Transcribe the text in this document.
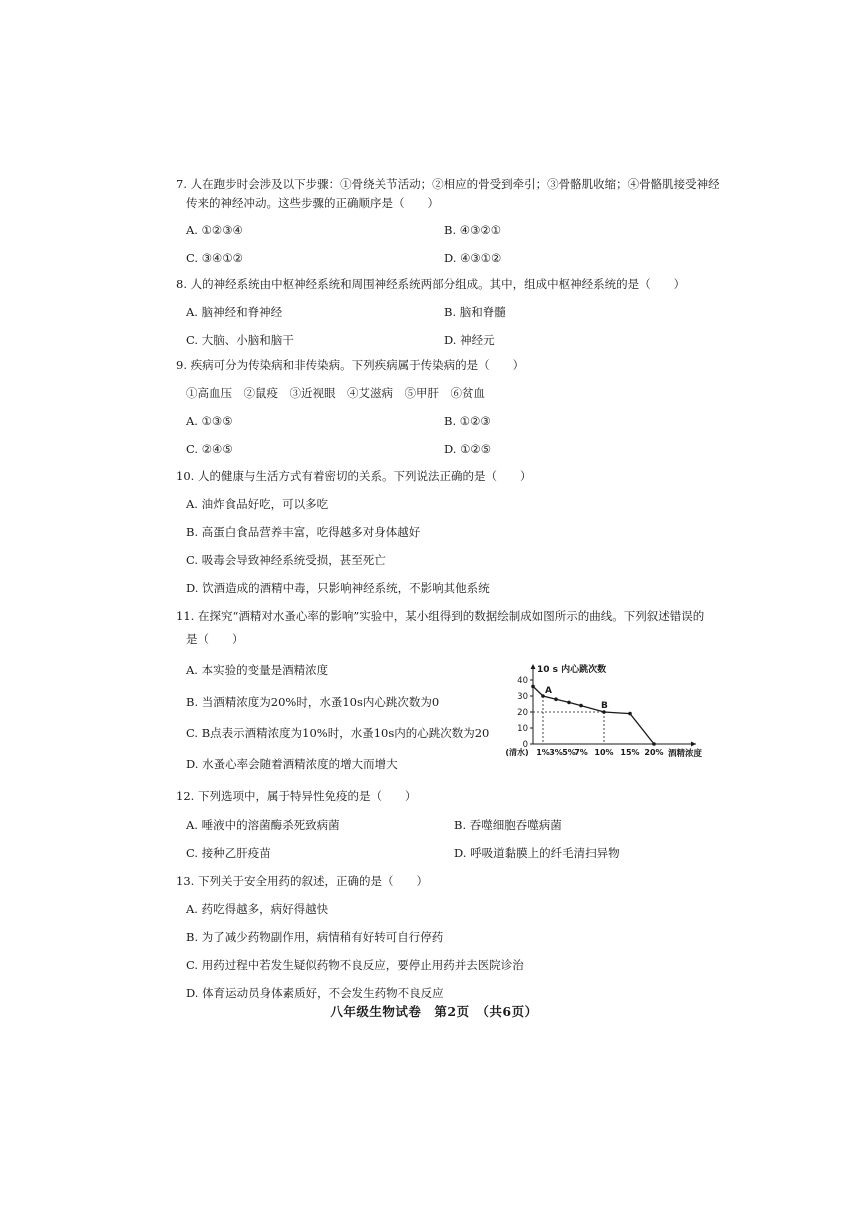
7. 人在跑步时会涉及以下步骤：①骨绕关节活动；②相应的骨受到牵引；③骨骼肌收缩；④骨骼肌接受神经
传来的神经冲动。这些步骤的正确顺序是（　　）
A. ①②③④	B. ④③②①
C. ③④①②	D. ④③①②
8. 人的神经系统由中枢神经系统和周围神经系统两部分组成。其中，组成中枢神经系统的是（　　）
A. 脑神经和脊神经	B. 脑和脊髓
C. 大脑、小脑和脑干	D. 神经元
9. 疾病可分为传染病和非传染病。下列疾病属于传染病的是（　　）
①高血压　②鼠疫　③近视眼　④艾滋病　⑤甲肝　⑥贫血
A. ①③⑤	B. ①②③
C. ②④⑤	D. ①②⑤
10. 人的健康与生活方式有着密切的关系。下列说法正确的是（　　）
A. 油炸食品好吃，可以多吃
B. 高蛋白食品营养丰富，吃得越多对身体越好
C. 吸毒会导致神经系统受损，甚至死亡
D. 饮酒造成的酒精中毒，只影响神经系统，不影响其他系统
11. 在探究“酒精对水蚤心率的影响”实验中，某小组得到的数据绘制成如图所示的曲线。下列叙述错误的
是（　　）
A. 本实验的变量是酒精浓度
B. 当酒精浓度为20%时，水蚤10s内心跳次数为0
C. B点表示酒精浓度为10%时，水蚤10s内的心跳次数为20
D. 水蚤心率会随着酒精浓度的增大而增大
10 s 内心跳次数
酒精浓度
0
10
20
30
40
(清水) 1% 3% 5%
7% 10% 15% 20%
A
B
12. 下列选项中，属于特异性免疫的是（　　）
A. 唾液中的溶菌酶杀死致病菌	B. 吞噬细胞吞噬病菌
C. 接种乙肝疫苗	D. 呼吸道黏膜上的纤毛清扫异物
13. 下列关于安全用药的叙述，正确的是（　　）
A. 药吃得越多，病好得越快
B. 为了减少药物副作用，病情稍有好转可自行停药
C. 用药过程中若发生疑似药物不良反应，要停止用药并去医院诊治
D. 体育运动员身体素质好，不会发生药物不良反应
八年级生物试卷　第2页　（共6页）
